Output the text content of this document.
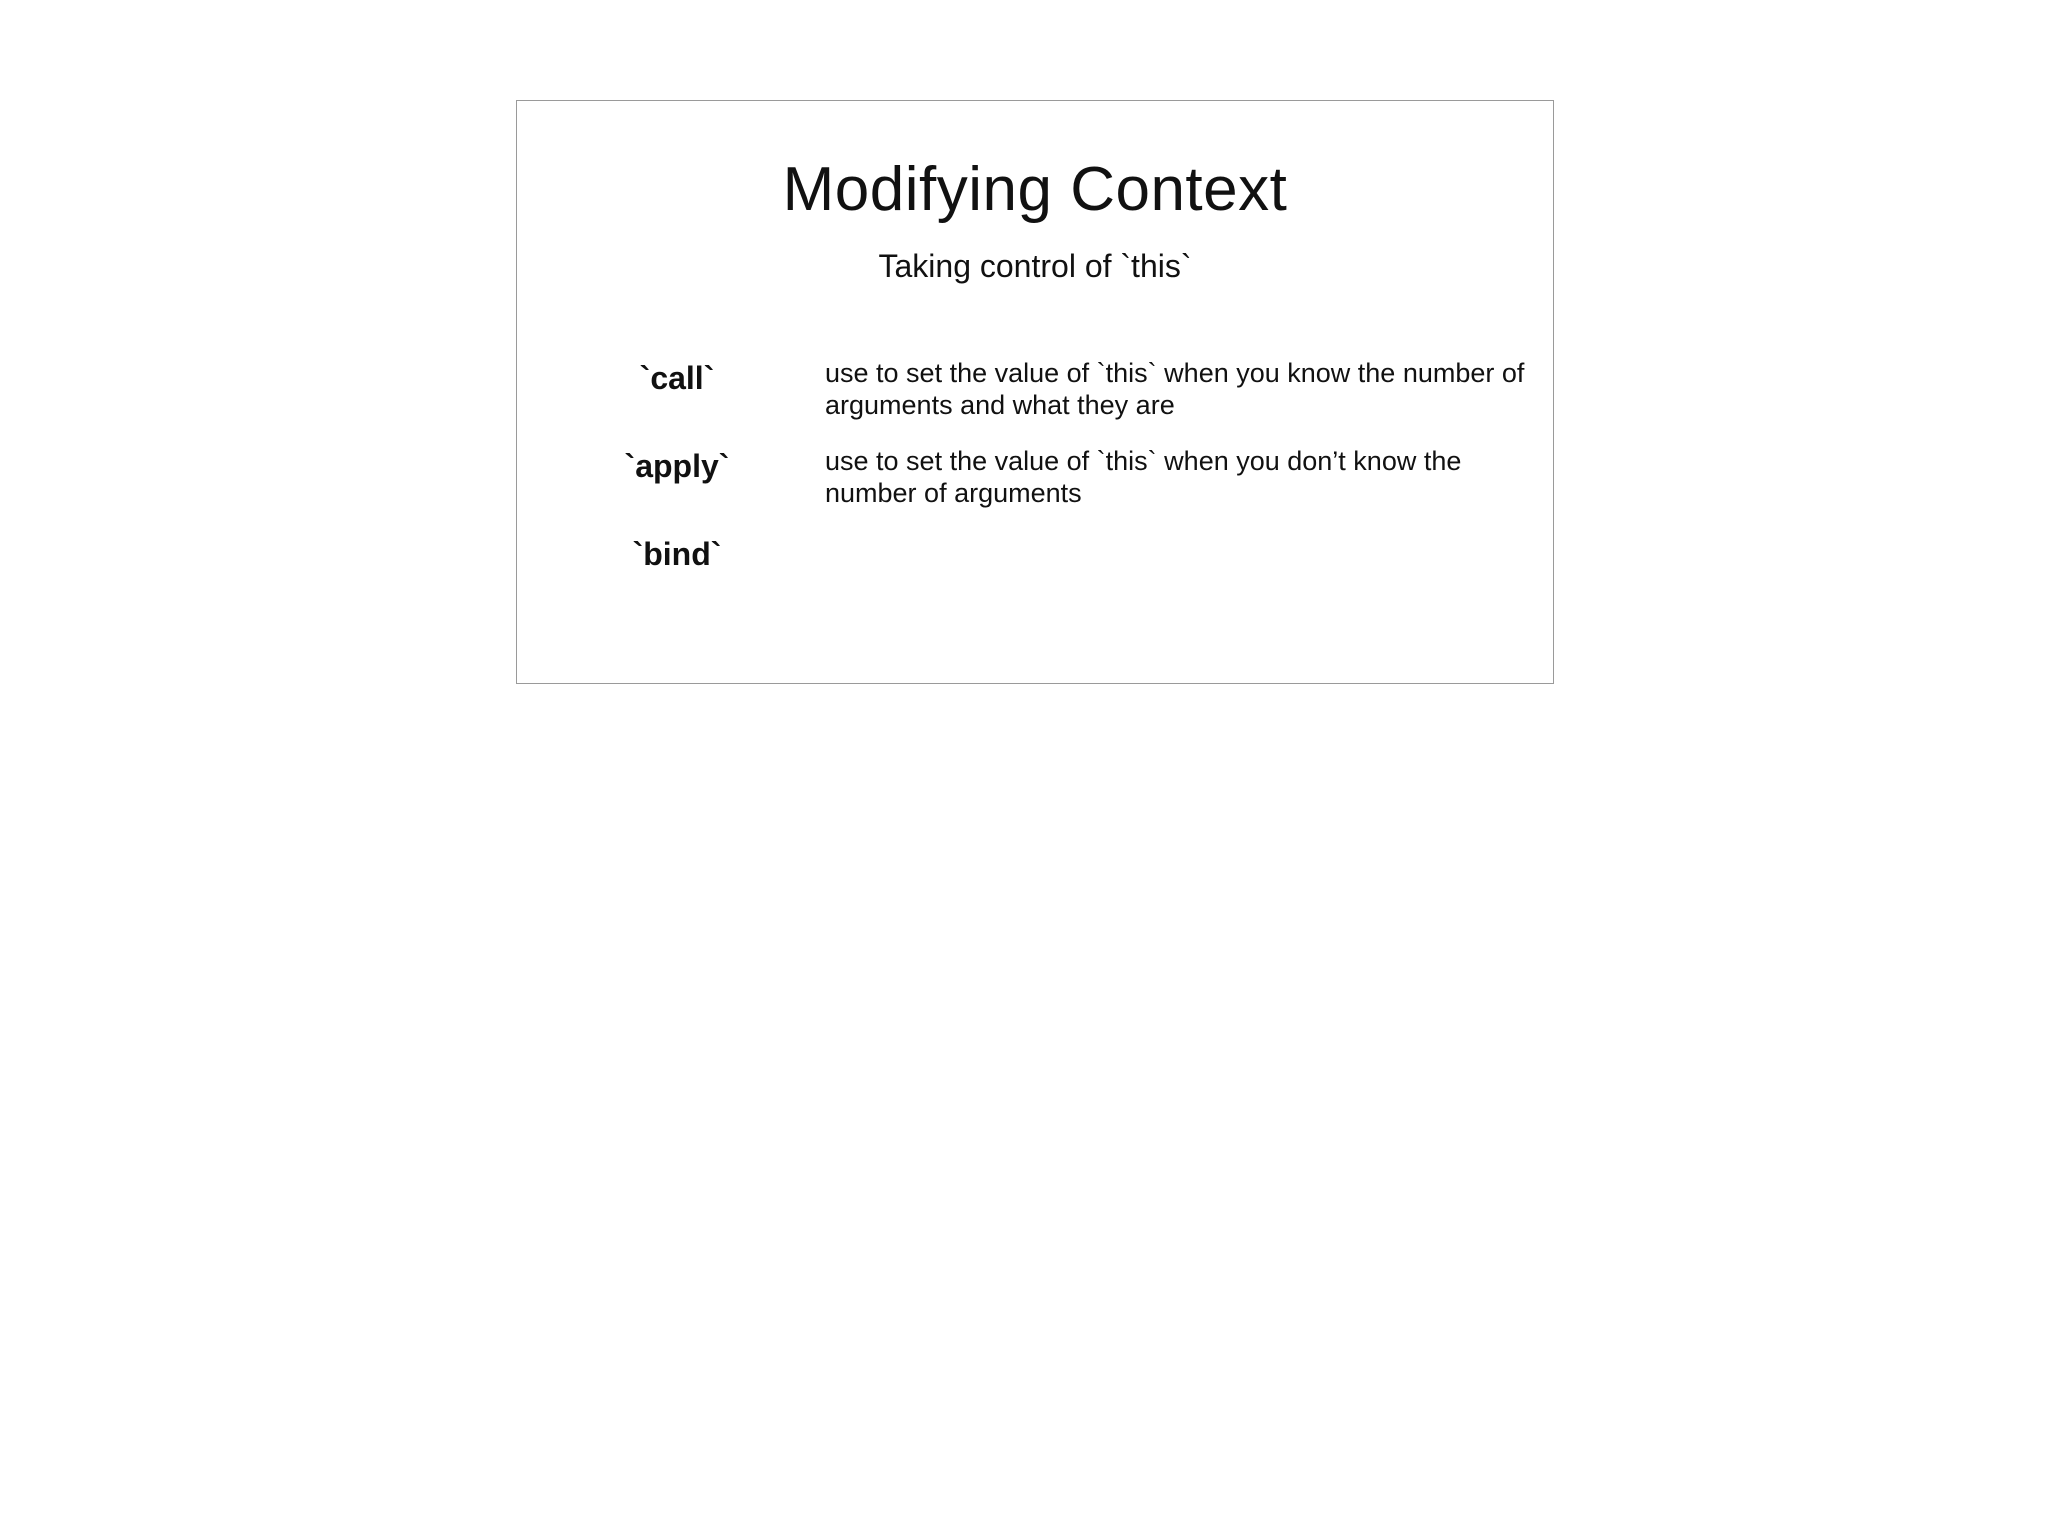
Modifying Context
Taking control of `this`
`call`	use to set the value of `this` when you know the number of arguments and what they are
`apply`	use to set the value of `this` when you don’t know the number of arguments
`bind`
